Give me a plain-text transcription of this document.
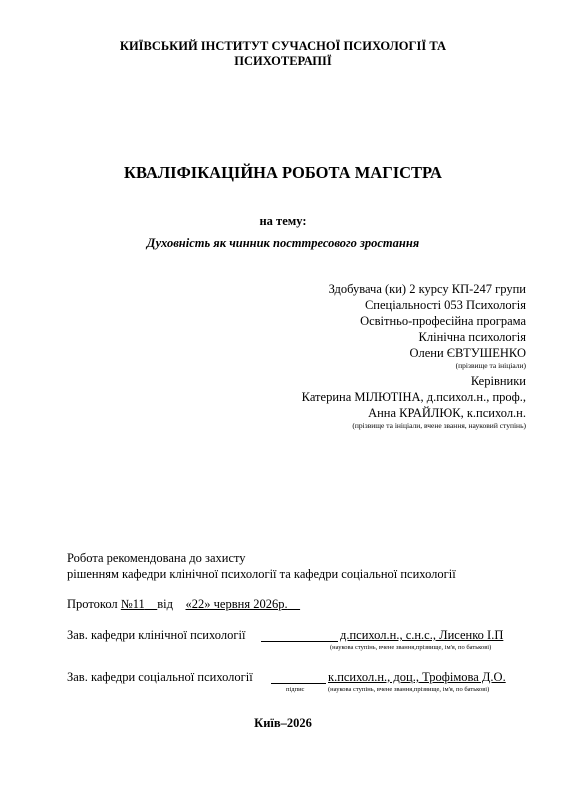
КИЇВСЬКИЙ ІНСТИТУТ СУЧАСНОЇ ПСИХОЛОГІЇ ТА
ПСИХОТЕРАПІЇ
КВАЛІФІКАЦІЙНА РОБОТА МАГІСТРА
на тему:
Духовність як чинник посттресового зростання
Здобувача (ки) 2 курсу КП-247 групи
Спеціальності 053 Психологія
Освітньо-професійна програма
Клінічна психологія
Олени ЄВТУШЕНКО
(прізвище та ініціали)
Керівники
Катерина МІЛЮТІНА, д.психол.н., проф.,
Анна КРАЙЛЮК, к.психол.н.
(прізвище та ініціали, вчене звання, науковий ступінь)
Робота рекомендована до захисту
рішенням кафедри клінічної психології та кафедри соціальної психології
Протокол №11 від «22» червня 2026р.
Зав. кафедри клінічної психології	д.психол.н., с.н.с., Лисенко І.П
(наукова ступінь, вчене звання,прізвище, ім'я, по батькові)
Зав. кафедри соціальної психології	к.психол.н., доц., Трофімова Д.О.
підпис	(наукова ступінь, вчене звання,прізвище, ім'я, по батькові)
Київ–2026
